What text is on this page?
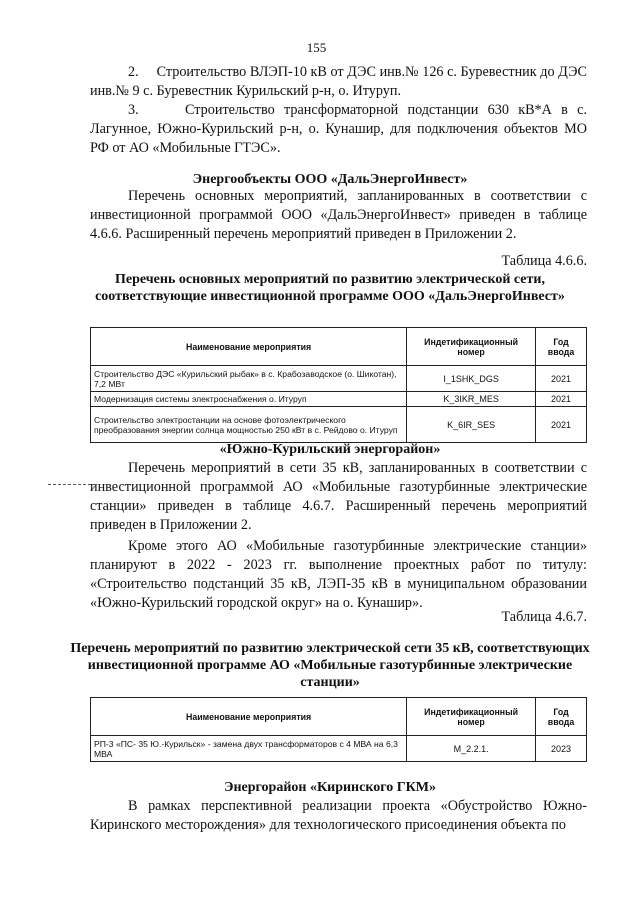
155

2.     Строительство ВЛЭП-10 кВ от ДЭС инв.№ 126 с. Буревестник до ДЭС инв.№ 9 с. Буревестник Курильский р-н, о. Итуруп.

3.     Строительство трансформаторной подстанции 630 кВ*А в с. Лагунное, Южно-Курильский р-н, о. Кунашир, для подключения объектов МО РФ от АО «Мобильные ГТЭС».

Энергообъекты ООО «ДальЭнергоИнвест»

Перечень основных мероприятий, запланированных в соответствии с инвестиционной программой ООО «ДальЭнергоИнвест» приведен в таблице 4.6.6. Расширенный перечень мероприятий приведен в Приложении 2.

Таблица 4.6.6.

Перечень основных мероприятий по развитию электрической сети, соответствующие инвестиционной программе ООО «ДальЭнергоИнвест»

Наименование мероприятия	Индетификационный номер	Год ввода
Строительство ДЭС «Курильский рыбак» в с. Крабозаводское (о. Шикотан), 7,2 МВт	I_1SHK_DGS	2021
Модернизация системы электроснабжения о. Итуруп	K_3IKR_MES	2021
Строительство электростанции на основе фотоэлектрического преобразования энергии солнца мощностью 250 кВт в с. Рейдово о. Итуруп	K_6IR_SES	2021

«Южно-Курильский энергорайон»

Перечень мероприятий в сети 35 кВ, запланированных в соответствии с инвестиционной программой АО «Мобильные газотурбинные электрические станции» приведен в таблице 4.6.7. Расширенный перечень мероприятий приведен в Приложении 2.

Кроме этого АО «Мобильные газотурбинные электрические станции» планируют в 2022 - 2023 гг. выполнение проектных работ по титулу: «Строительство подстанций 35 кВ, ЛЭП-35 кВ в муниципальном образовании «Южно-Курильский городской округ» на о. Кунашир».

Таблица 4.6.7.

Перечень мероприятий по развитию электрической сети 35 кВ, соответствующих инвестиционной программе АО «Мобильные газотурбинные электрические станции»

Наименование мероприятия	Индетификационный номер	Год ввода
РП-3 «ПС- 35 Ю.-Курильск» - замена двух трансформаторов с 4 МВА на 6,3 МВА	M_2.2.1.	2023

Энергорайон «Киринского ГКМ»

В рамках перспективной реализации проекта «Обустройство Южно-Киринского месторождения» для технологического присоединения объекта по
